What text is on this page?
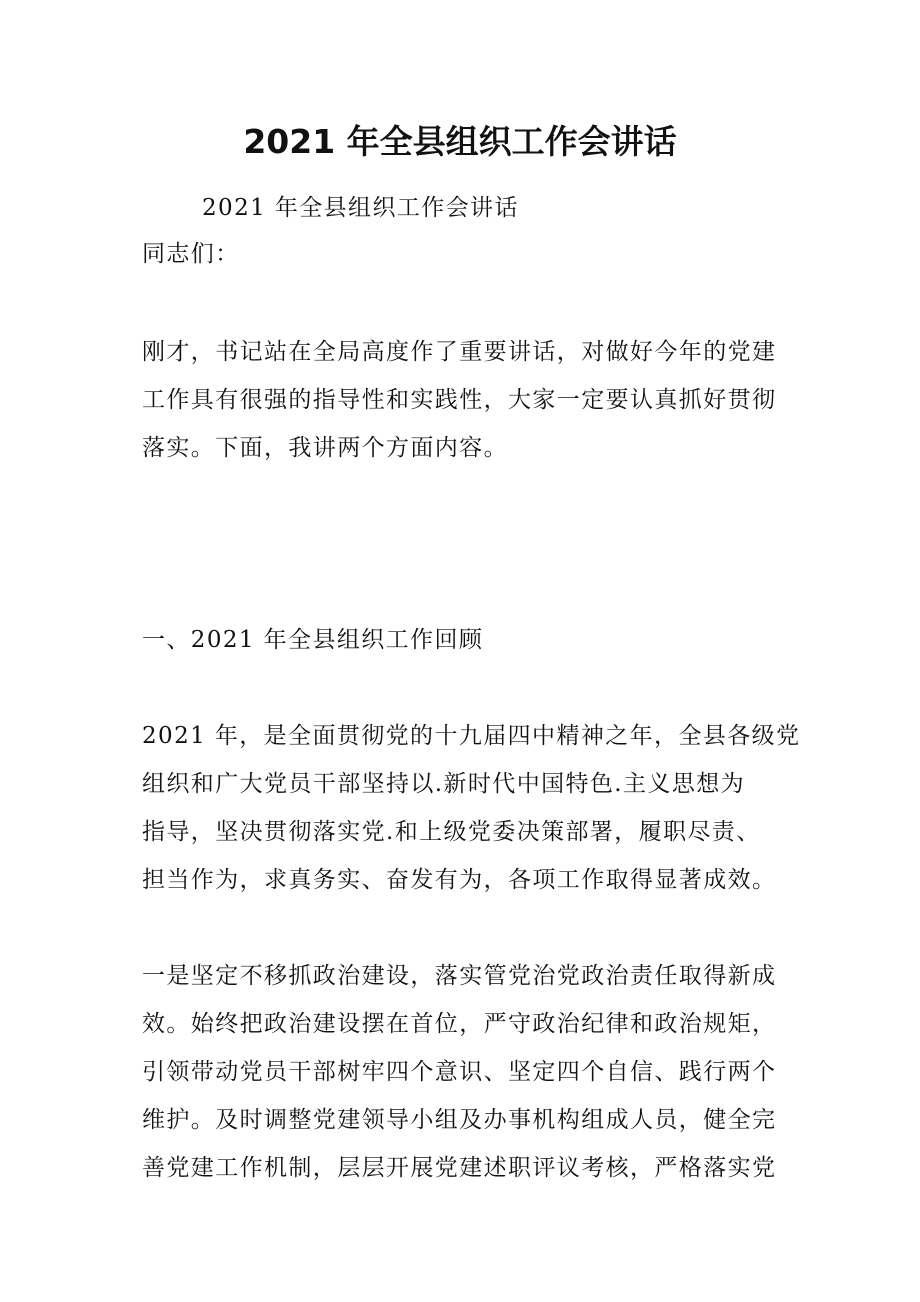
2021 年全县组织工作会讲话
2021 年全县组织工作会讲话
同志们：
刚才，书记站在全局高度作了重要讲话，对做好今年的党建
工作具有很强的指导性和实践性，大家一定要认真抓好贯彻
落实。下面，我讲两个方面内容。
一、2021 年全县组织工作回顾
2021 年，是全面贯彻党的十九届四中精神之年，全县各级党
组织和广大党员干部坚持以.新时代中国特色.主义思想为
指导，坚决贯彻落实党.和上级党委决策部署，履职尽责、
担当作为，求真务实、奋发有为，各项工作取得显著成效。
一是坚定不移抓政治建设，落实管党治党政治责任取得新成
效。始终把政治建设摆在首位，严守政治纪律和政治规矩，
引领带动党员干部树牢四个意识、坚定四个自信、践行两个
维护。及时调整党建领导小组及办事机构组成人员，健全完
善党建工作机制，层层开展党建述职评议考核，严格落实党
